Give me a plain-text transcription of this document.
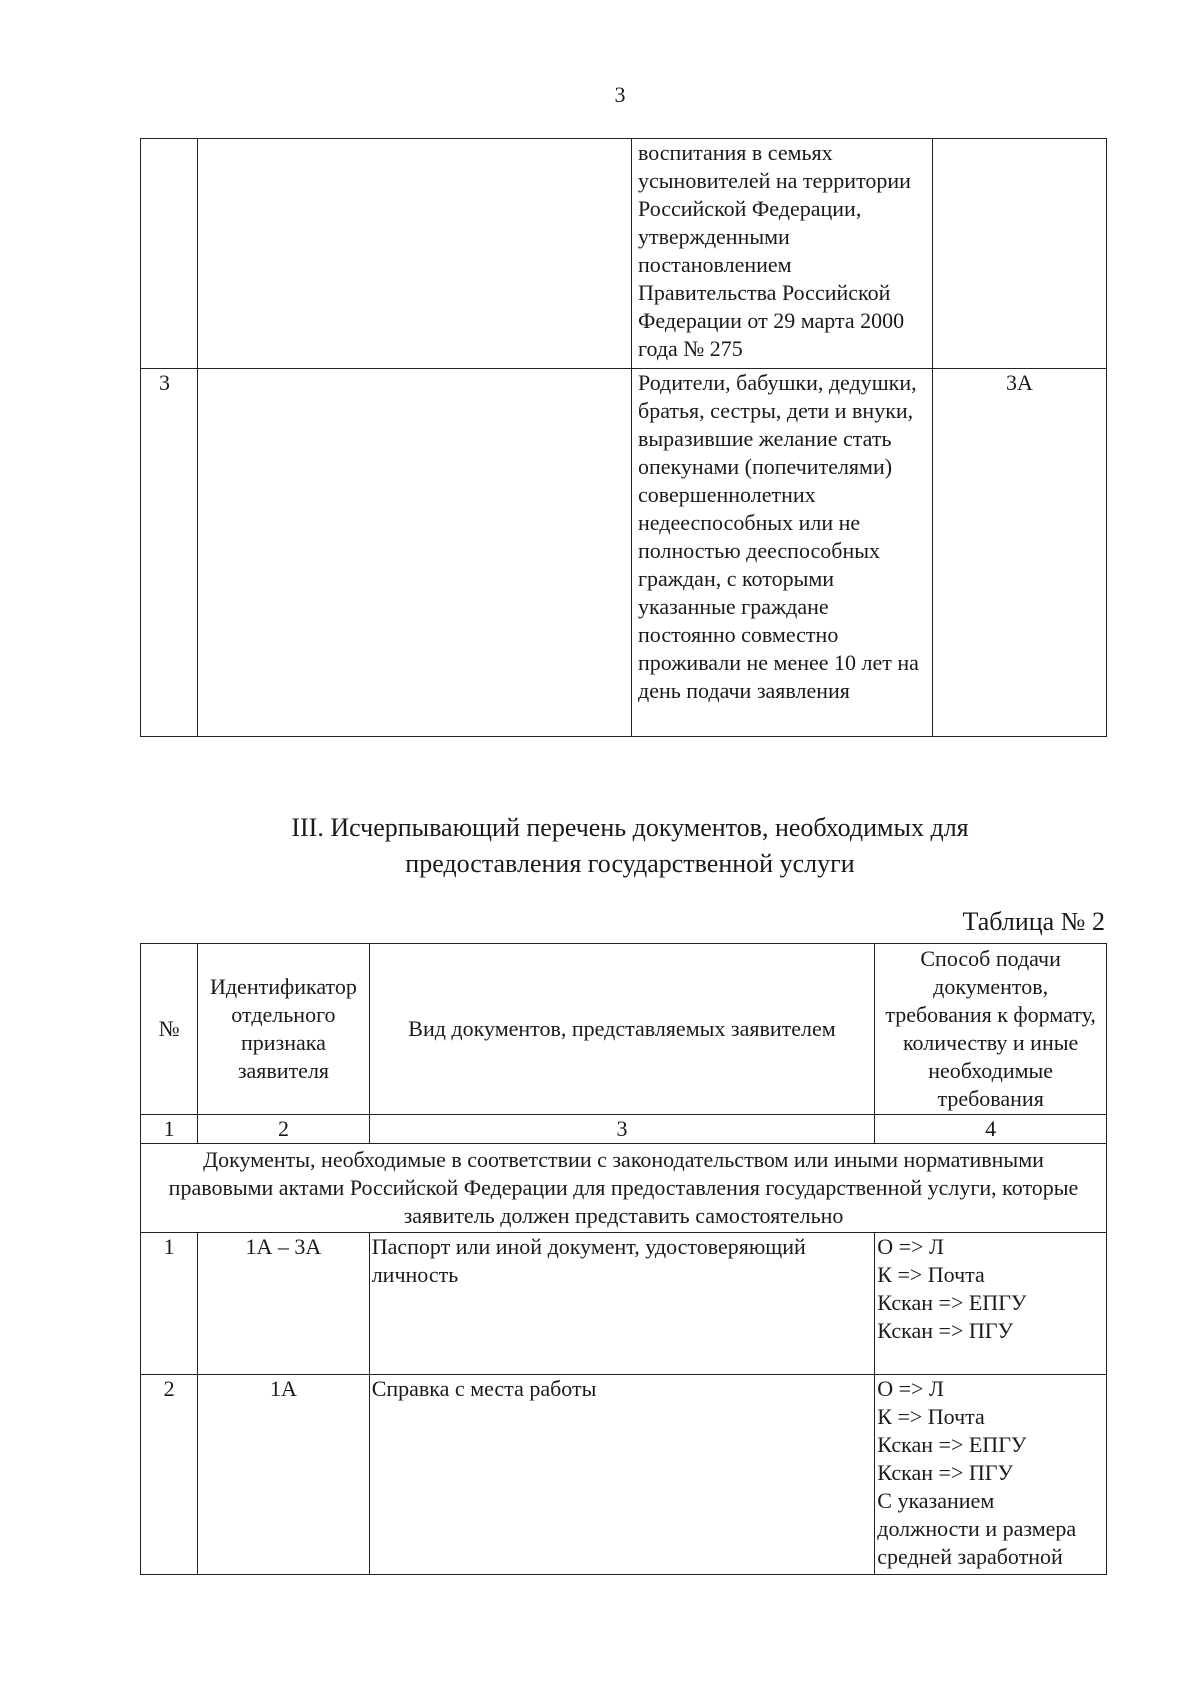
3
		воспитания в семьях усыновителей на территории Российской Федерации, утвержденными постановлением Правительства Российской Федерации от 29 марта 2000 года № 275	
3		Родители, бабушки, дедушки, братья, сестры, дети и внуки, выразившие желание стать опекунами (попечителями) совершеннолетних недееспособных или не полностью дееспособных граждан, с которыми указанные граждане постоянно совместно проживали не менее 10 лет на день подачи заявления	3А
III. Исчерпывающий перечень документов, необходимых для
предоставления государственной услуги
Таблица № 2
№	Идентификатор отдельного признака заявителя	Вид документов, представляемых заявителем	Способ подачи документов, требования к формату, количеству и иные необходимые требования
1	2	3	4
Документы, необходимые в соответствии с законодательством или иными нормативными правовыми актами Российской Федерации для предоставления государственной услуги, которые заявитель должен представить самостоятельно			
1	1А – 3А	Паспорт или иной документ, удостоверяющий личность	О => Л
К => Почта
Кскан => ЕПГУ
Кскан => ПГУ

2	1А	Справка с места работы	О => Л
К => Почта
Кскан => ЕПГУ
Кскан => ПГУ
С указанием должности и размера средней заработной
